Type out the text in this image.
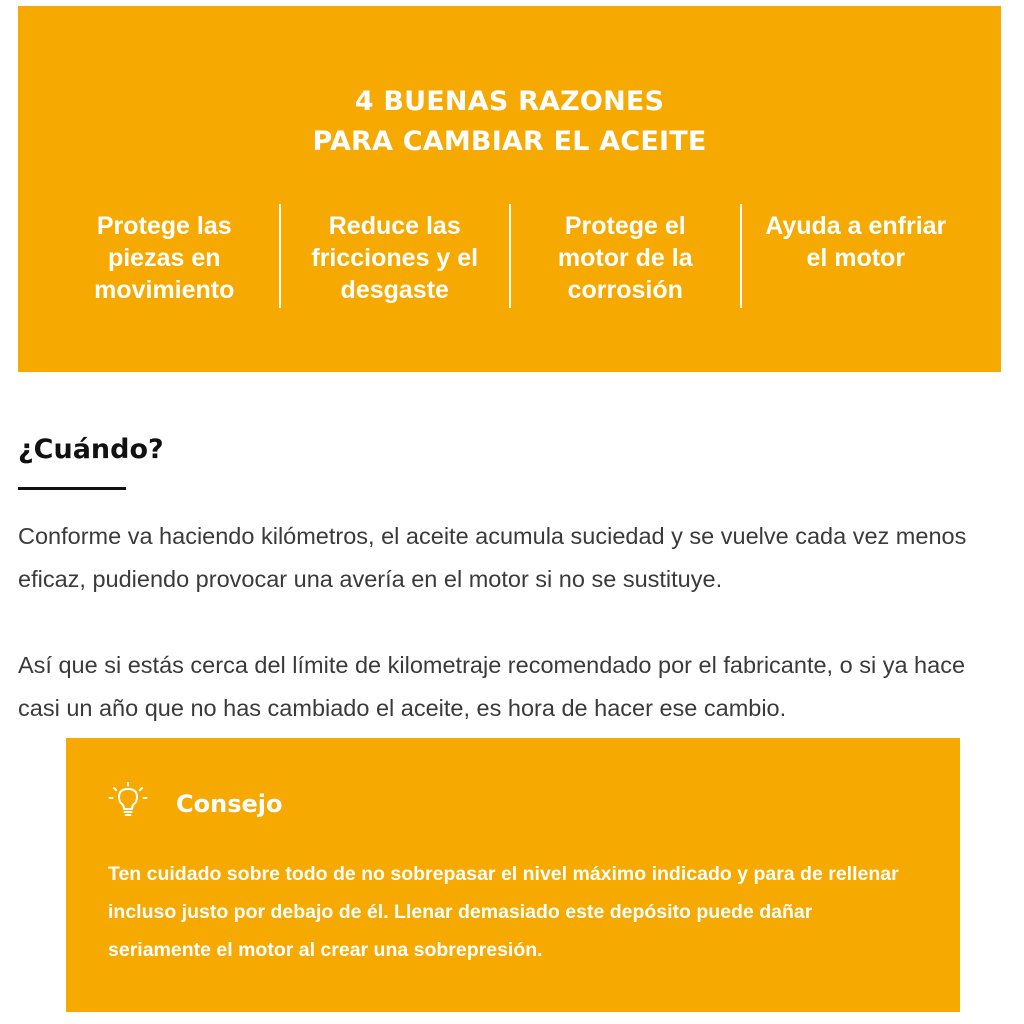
4 BUENAS RAZONES
PARA CAMBIAR EL ACEITE
Protege las piezas en movimiento
Reduce las fricciones y el desgaste
Protege el motor de la corrosión
Ayuda a enfriar el motor
¿Cuándo?

Conforme va haciendo kilómetros, el aceite acumula suciedad y se vuelve cada vez menos eficaz, pudiendo provocar una avería en el motor si no se sustituye.

Así que si estás cerca del límite de kilometraje recomendado por el fabricante, o si ya hace casi un año que no has cambiado el aceite, es hora de hacer ese cambio.

Consejo

Ten cuidado sobre todo de no sobrepasar el nivel máximo indicado y para de rellenar incluso justo por debajo de él. Llenar demasiado este depósito puede dañar seriamente el motor al crear una sobrepresión.
